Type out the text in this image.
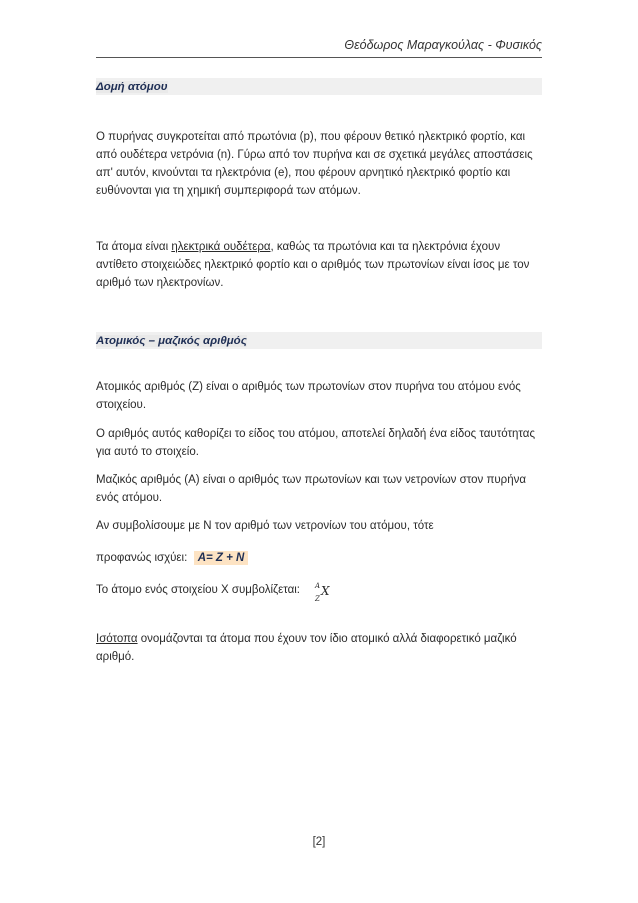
Θεόδωρος Μαραγκούλας - Φυσικός
Δομή ατόμου
Ο πυρήνας συγκροτείται από πρωτόνια (p), που φέρουν θετικό ηλεκτρικό φορτίο, και από ουδέτερα νετρόνια (n). Γύρω από τον πυρήνα και σε σχετικά μεγάλες αποστάσεις απ' αυτόν, κινούνται τα ηλεκτρόνια (e), που φέρουν αρνητικό ηλεκτρικό φορτίο και ευθύνονται για τη χημική συμπεριφορά των ατόμων.
Τα άτομα είναι ηλεκτρικά ουδέτερα, καθώς τα πρωτόνια και τα ηλεκτρόνια έχουν αντίθετο στοιχειώδες ηλεκτρικό φορτίο και ο αριθμός των πρωτονίων είναι ίσος με τον αριθμό των ηλεκτρονίων.
Ατομικός – μαζικός αριθμός
Ατομικός αριθμός (Ζ) είναι ο αριθμός των πρωτονίων στον πυρήνα του ατόμου ενός στοιχείου.
Ο αριθμός αυτός καθορίζει το είδος του ατόμου, αποτελεί δηλαδή ένα είδος ταυτότητας για αυτό το στοιχείο.
Μαζικός αριθμός (Α) είναι ο αριθμός των πρωτονίων και των νετρονίων στον πυρήνα ενός ατόμου.
Αν συμβολίσουμε με Ν τον αριθμό των νετρονίων του ατόμου, τότε
προφανώς ισχύει: A= Z + N
Το άτομο ενός στοιχείου Χ συμβολίζεται: A
Z
X
Ισότοπα ονομάζονται τα άτομα που έχουν τον ίδιο ατομικό αλλά διαφορετικό μαζικό αριθμό.
[2]
